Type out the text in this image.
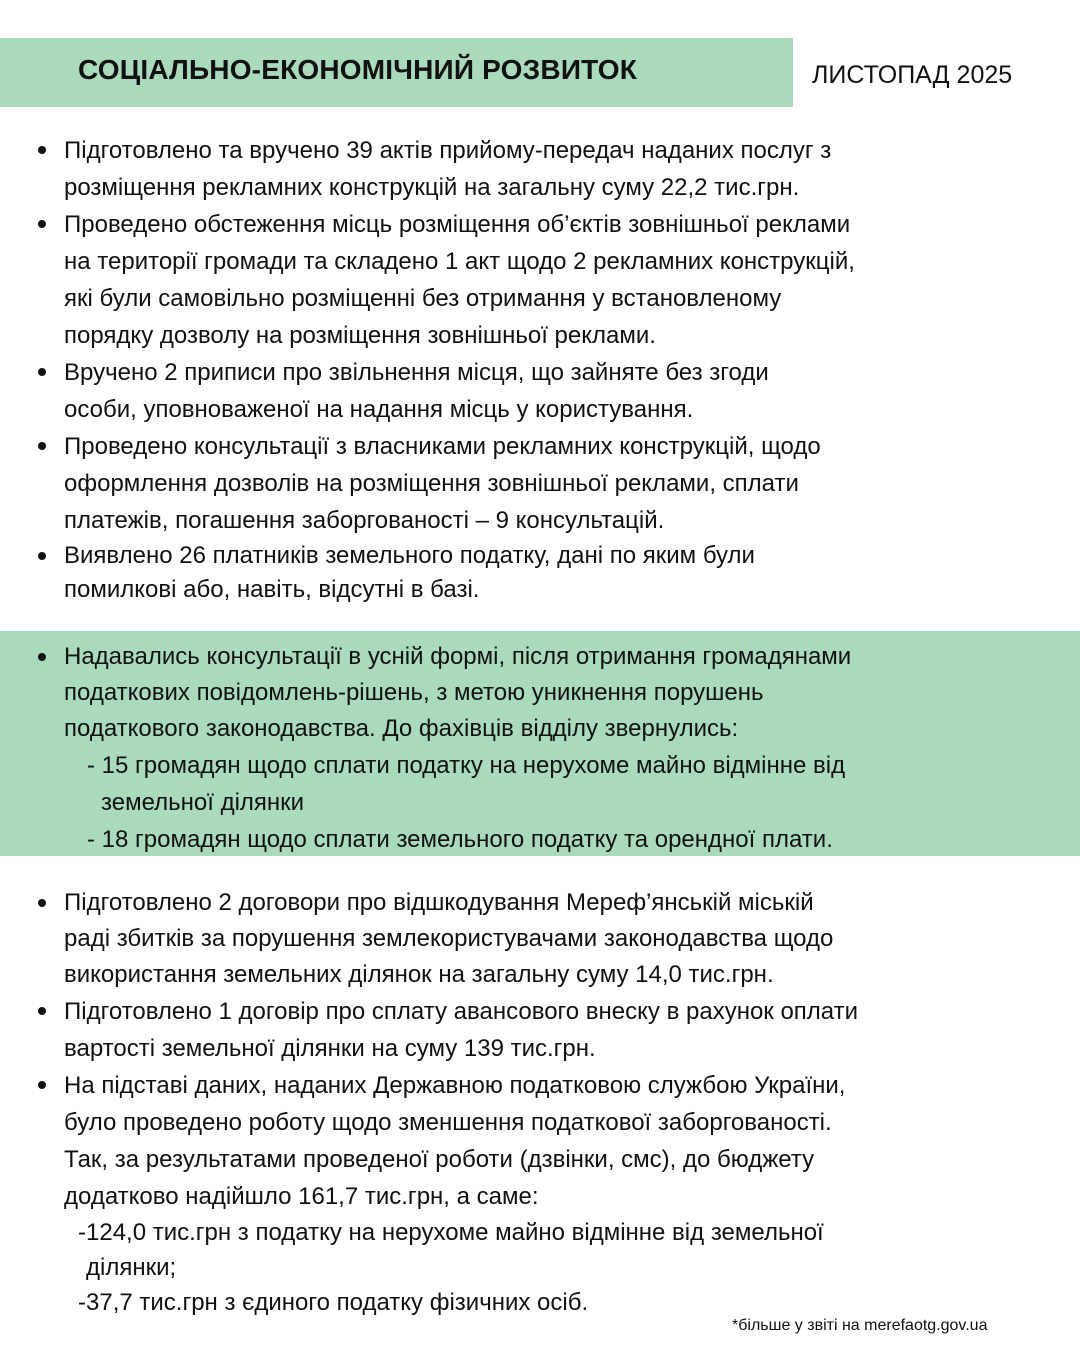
СОЦІАЛЬНО-ЕКОНОМІЧНИЙ РОЗВИТОК	ЛИСТОПАД 2025
Підготовлено та вручено 39 актів прийому-передач наданих послуг з
розміщення рекламних конструкцій на загальну суму 22,2 тис.грн.
Проведено обстеження місць розміщення об’єктів зовнішньої реклами
на території громади та складено 1 акт щодо 2 рекламних конструкцій,
які були самовільно розміщенні без отримання у встановленому
порядку дозволу на розміщення зовнішньої реклами.
Вручено 2 приписи про звільнення місця, що зайняте без згоди
особи, уповноваженої на надання місць у користування.
Проведено консультації з власниками рекламних конструкцій, щодо
оформлення дозволів на розміщення зовнішньої реклами, сплати
платежів, погашення заборгованості – 9 консультацій.
Виявлено 26 платників земельного податку, дані по яким були
помилкові або, навіть, відсутні в базі.
Надавались консультації в усній формі, після отримання громадянами
податкових повідомлень-рішень, з метою уникнення порушень
податкового законодавства. До фахівців відділу звернулись:
- 15 громадян щодо сплати податку на нерухоме майно відмінне від
земельної ділянки
- 18 громадян щодо сплати земельного податку та орендної плати.
Підготовлено 2 договори про відшкодування Мереф’янській міській
раді збитків за порушення землекористувачами законодавства щодо
використання земельних ділянок на загальну суму 14,0 тис.грн.
Підготовлено 1 договір про сплату авансового внеску в рахунок оплати
вартості земельної ділянки на суму 139 тис.грн.
На підставі даних, наданих Державною податковою службою України,
було проведено роботу щодо зменшення податкової заборгованості.
Так, за результатами проведеної роботи (дзвінки, смс), до бюджету
додатково надійшло 161,7 тис.грн, а саме:
-124,0 тис.грн з податку на нерухоме майно відмінне від земельної
ділянки;
-37,7 тис.грн з єдиного податку фізичних осіб.
*більше у звіті на merefaotg.gov.ua
